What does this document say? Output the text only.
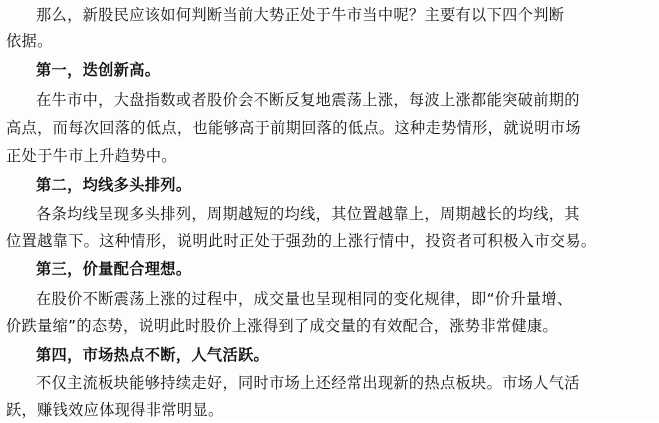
那么，新股民应该如何判断当前大势正处于牛市当中呢？主要有以下四个判断
依据。
第一，迭创新高。
在牛市中，大盘指数或者股价会不断反复地震荡上涨，每波上涨都能突破前期的
高点，而每次回落的低点，也能够高于前期回落的低点。这种走势情形，就说明市场
正处于牛市上升趋势中。
第二，均线多头排列。
各条均线呈现多头排列，周期越短的均线，其位置越靠上，周期越长的均线，其
位置越靠下。这种情形，说明此时正处于强劲的上涨行情中，投资者可积极入市交易。
第三，价量配合理想。
在股价不断震荡上涨的过程中，成交量也呈现相同的变化规律，即“价升量增、
价跌量缩”的态势，说明此时股价上涨得到了成交量的有效配合，涨势非常健康。
第四，市场热点不断，人气活跃。
不仅主流板块能够持续走好，同时市场上还经常出现新的热点板块。市场人气活
跃，赚钱效应体现得非常明显。
